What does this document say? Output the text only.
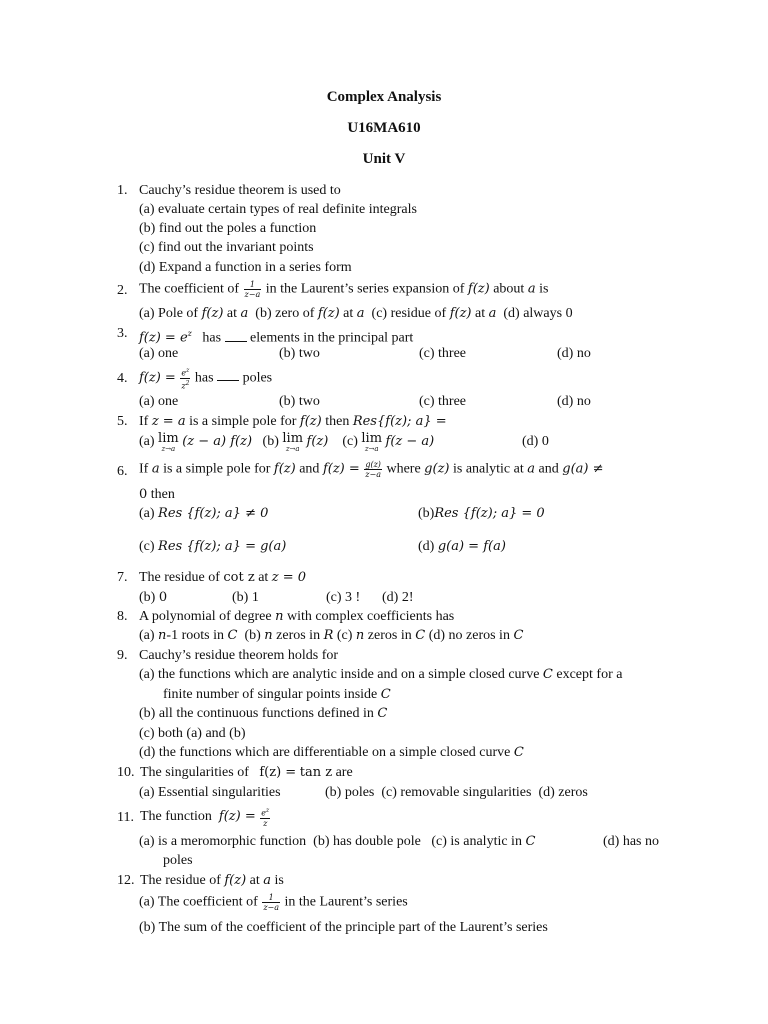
Complex Analysis
U16MA610
Unit V
1. Cauchy’s residue theorem is used to
(a) evaluate certain types of real definite integrals
(b) find out the poles a function
(c) find out the invariant points
(d) Expand a function in a series form
2. The coefficient of $\frac{1}{z-a}$ in the Laurent’s series expansion of f(z) about a is
(a) Pole of f(z) at a (b) zero of f(z) at a (c) residue of f(z) at a (d) always 0
3. $f(z) = e^z$ has elements in the principal part
(a) one	(b) two	(c) three	(d) no
4. $f(z) = \frac{e^z}{z^2}$ has poles
(a) one	(b) two	(c) three	(d) no
5. If z = a is a simple pole for f(z) then Res{f(z); a} =
(a) lim
z→a (z − a) f(z) (b) lim
z→a f(z) (c) lim
z→a f(z − a)	(d) 0
6. If a is a simple pole for f(z) and $f(z) = \frac{g(z)}{z-a}$ where g(z) is analytic at a and g(a) ≠
0 then
(a) Res {f(z); a} ≠ 0	(b)Res {f(z); a} = 0
(c) Res {f(z); a} = g(a)	(d) g(a) = f(a)
7. The residue of cot z at z = 0
(b) 0	(b) 1	(c) 3 ! (d) 2!
8. A polynomial of degree n with complex coefficients has
(a) n-1 roots in C (b) n zeros in R (c) n zeros in C (d) no zeros in C
9. Cauchy’s residue theorem holds for
(a) the functions which are analytic inside and on a simple closed curve C except for a
finite number of singular points inside C
(b) all the continuous functions defined in C
(c) both (a) and (b)
(d) the functions which are differentiable on a simple closed curve C
10. The singularities of f(z) = tan z are
(a) Essential singularities	(b) poles (c) removable singularities (d) zeros
11. The function $f(z) = \frac{e^z}{z}$
(a) is a meromorphic function (b) has double pole (c) is analytic in C	(d) has no
poles
12. The residue of f(z) at a is
(a) The coefficient of $\frac{1}{z-a}$ in the Laurent’s series
(b) The sum of the coefficient of the principle part of the Laurent’s series
